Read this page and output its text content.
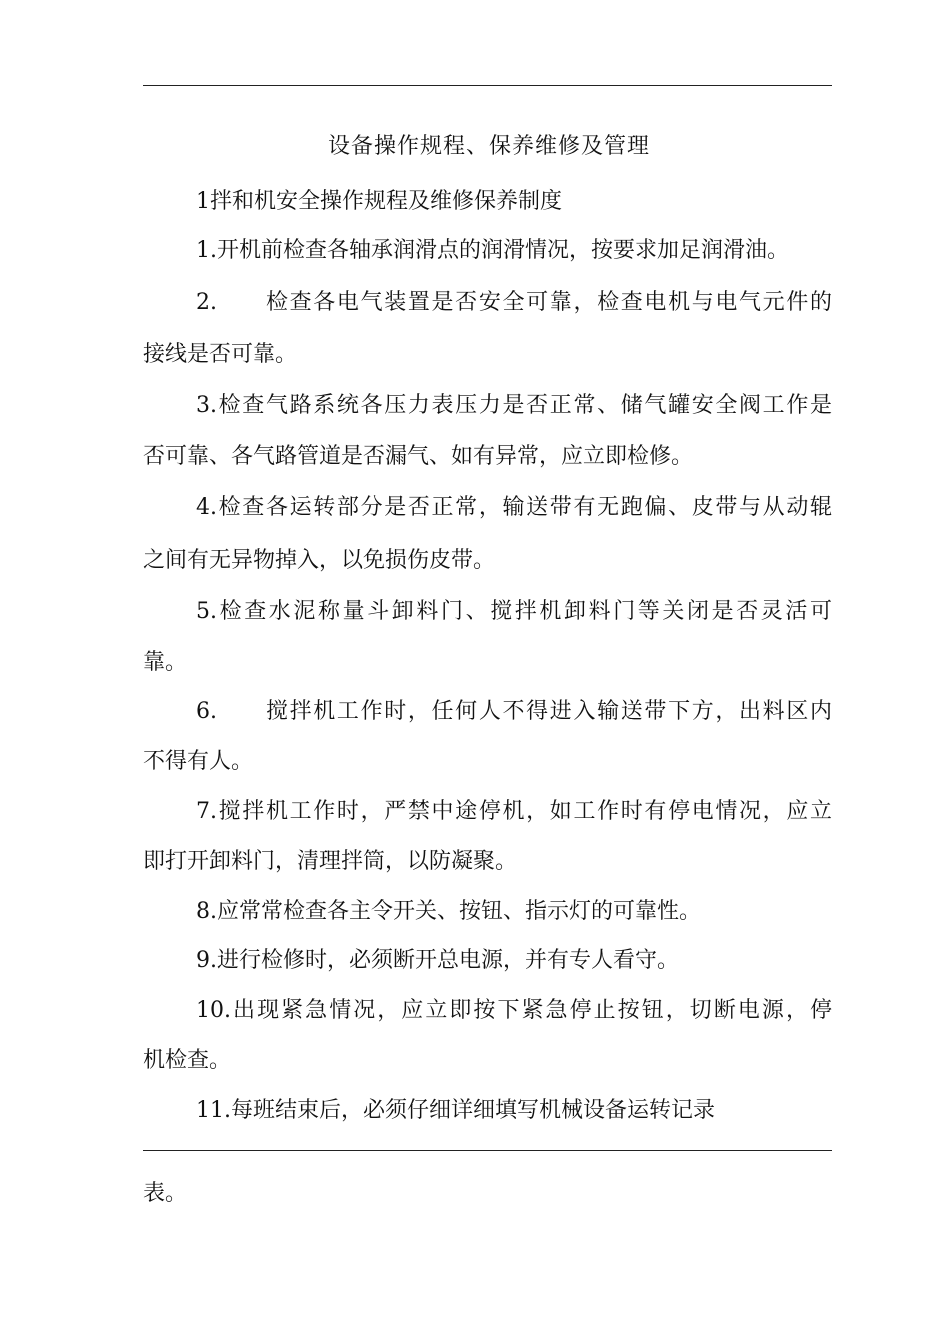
设备操作规程、保养维修及管理
1拌和机安全操作规程及维修保养制度
1.开机前检查各轴承润滑点的润滑情况，按要求加足润滑油。
2.　　检查各电气装置是否安全可靠，检查电机与电气元件的
接线是否可靠。
3.检查气路系统各压力表压力是否正常、储气罐安全阀工作是
否可靠、各气路管道是否漏气、如有异常，应立即检修。
4.检查各运转部分是否正常，输送带有无跑偏、皮带与从动辊
之间有无异物掉入，以免损伤皮带。
5.检查水泥称量斗卸料门、搅拌机卸料门等关闭是否灵活可
靠。
6.　　搅拌机工作时，任何人不得进入输送带下方，出料区内
不得有人。
7.搅拌机工作时，严禁中途停机，如工作时有停电情况，应立
即打开卸料门，清理拌筒，以防凝聚。
8.应常常检查各主令开关、按钮、指示灯的可靠性。
9.进行检修时，必须断开总电源，并有专人看守。
10.出现紧急情况，应立即按下紧急停止按钮，切断电源，停
机检查。
11.每班结束后，必须仔细详细填写机械设备运转记录
表。
